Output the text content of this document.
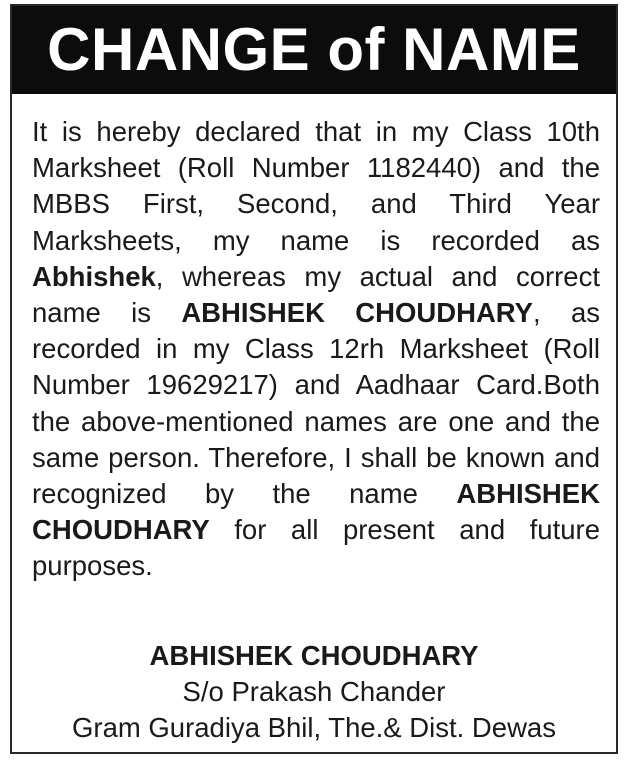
CHANGE of NAME

It is hereby declared that in my Class 10th Marksheet (Roll Number 1182440) and the MBBS First, Second, and Third Year Marksheets, my name is recorded as Abhishek, whereas my actual and correct name is ABHISHEK CHOUDHARY, as recorded in my Class 12rh Marksheet (Roll Number 19629217) and Aadhaar Card.Both the above-mentioned names are one and the same person. Therefore, I shall be known and recognized by the name ABHISHEK CHOUDHARY for all present and future purposes.

ABHISHEK CHOUDHARY
S/o Prakash Chander
Gram Guradiya Bhil, The.& Dist. Dewas
